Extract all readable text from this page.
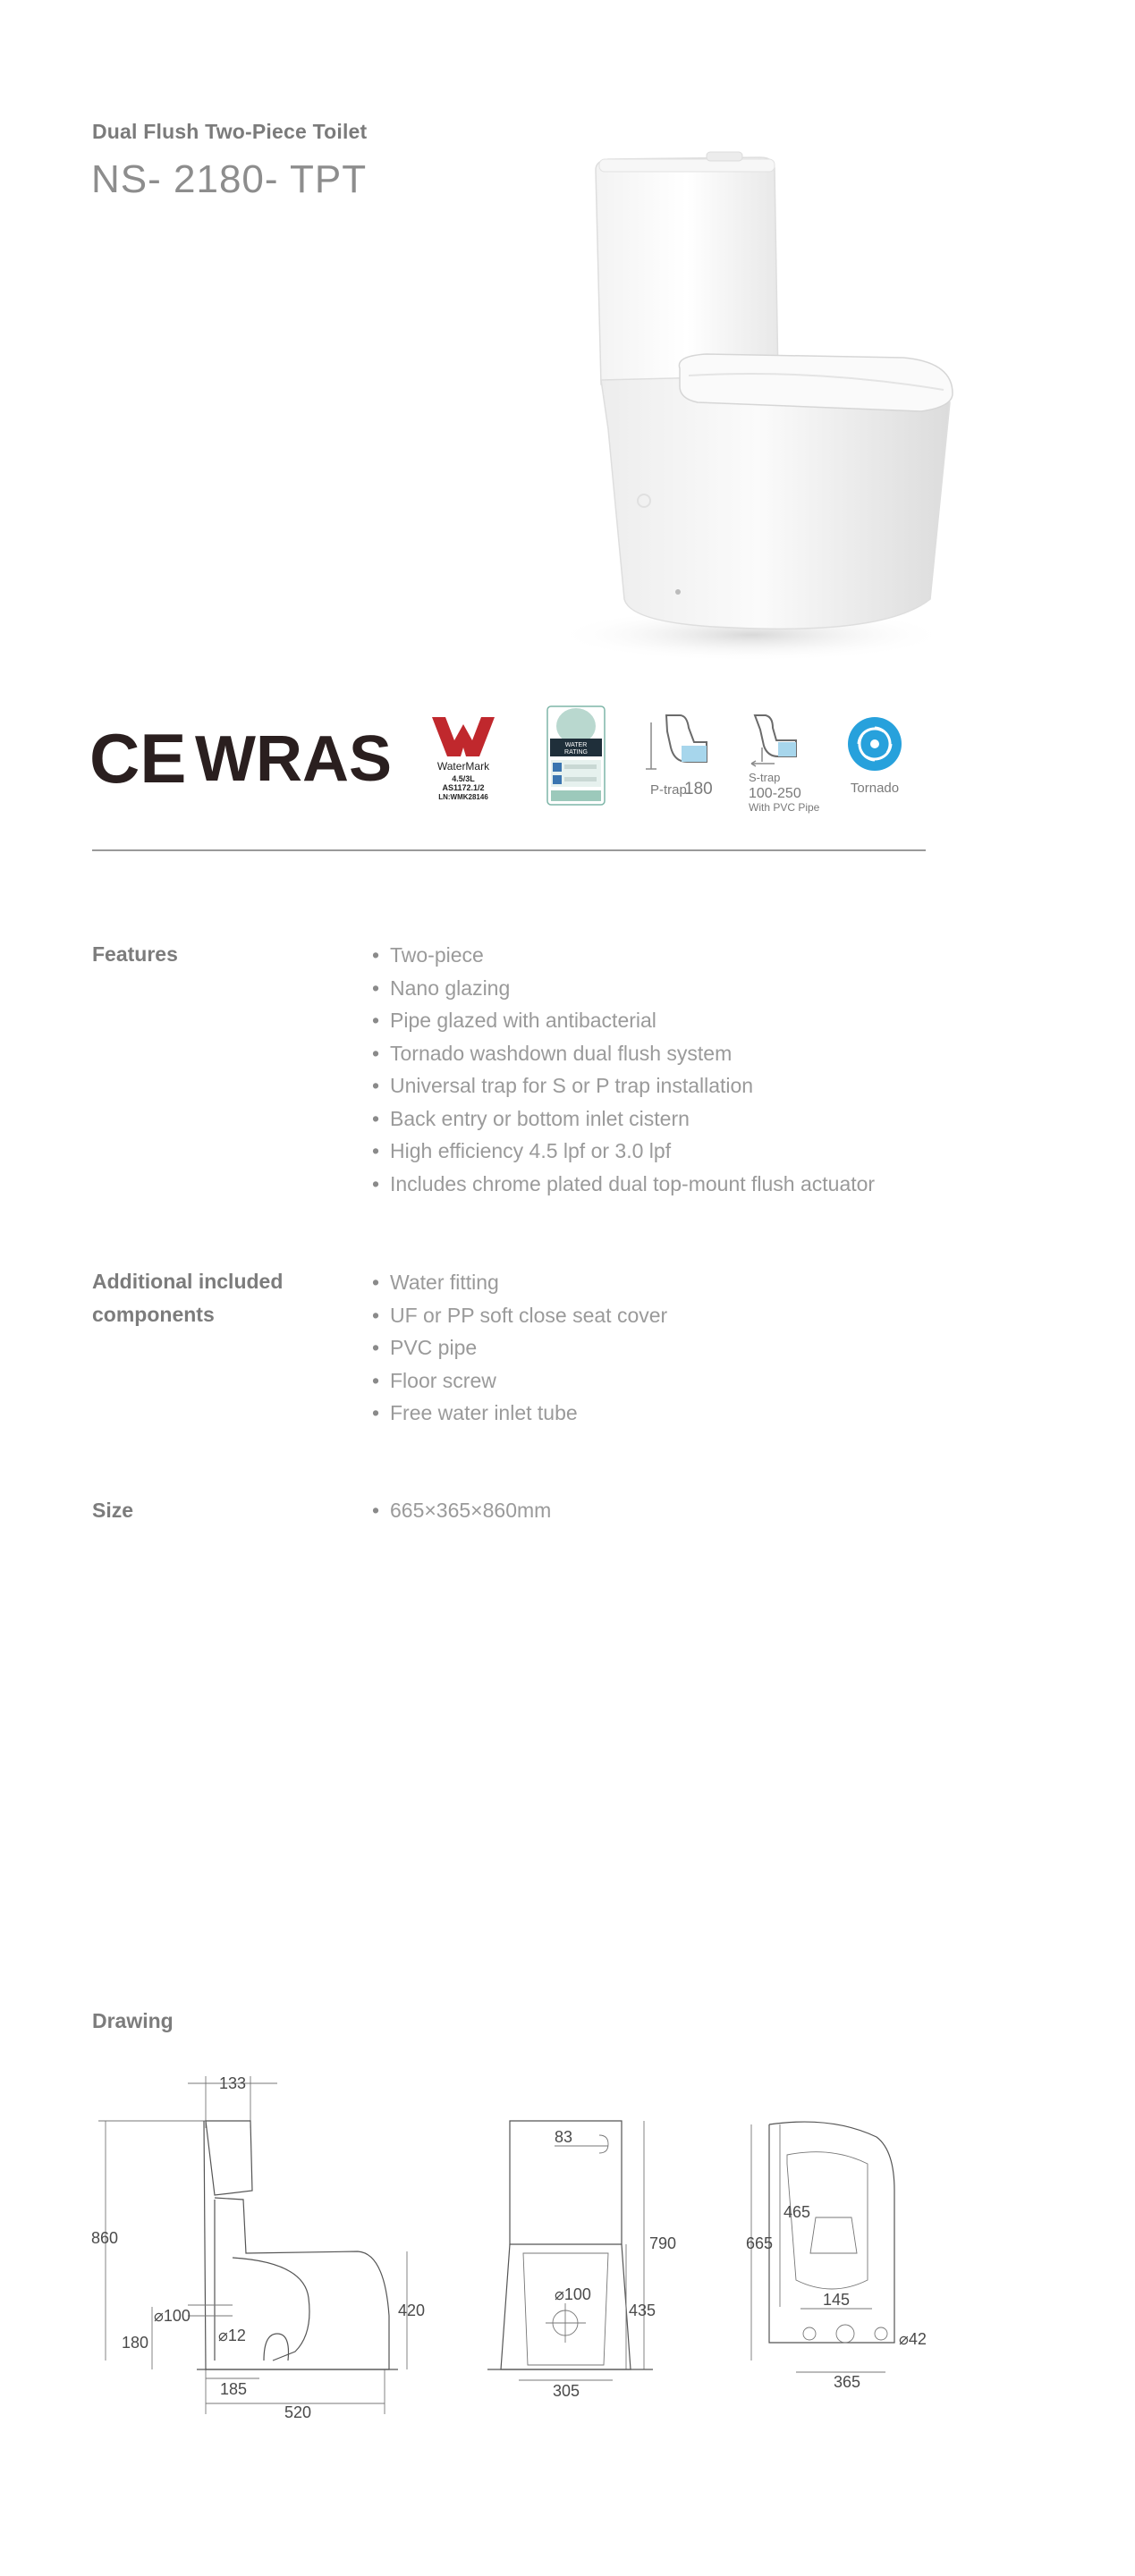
Dual Flush Two-Piece Toilet
NS- 2180- TPT
CE WRAS	WaterMark
4.5/3L
AS1172.1/2
LN:WMK28146
WATER
RATING
P-trap
180
S-trap
100-250
With PVC Pipe
Tornado
Features	• Two-piece
• Nano glazing
• Pipe glazed with antibacterial
• Tornado washdown dual flush system
• Universal trap for S or P trap installation
• Back entry or bottom inlet cistern
• High efficiency 4.5 lpf or 3.0 lpf
• Includes chrome plated dual top-mount flush actuator
Additional included
components
• Water fitting
• UF or PP soft close seat cover
• PVC pipe
• Floor screw
• Free water inlet tube
Size	• 665×365×860mm
Drawing
133
860
⌀100
180	⌀12
420
185
520
83
⌀100
790
435
305
665
465
145
⌀42
365
